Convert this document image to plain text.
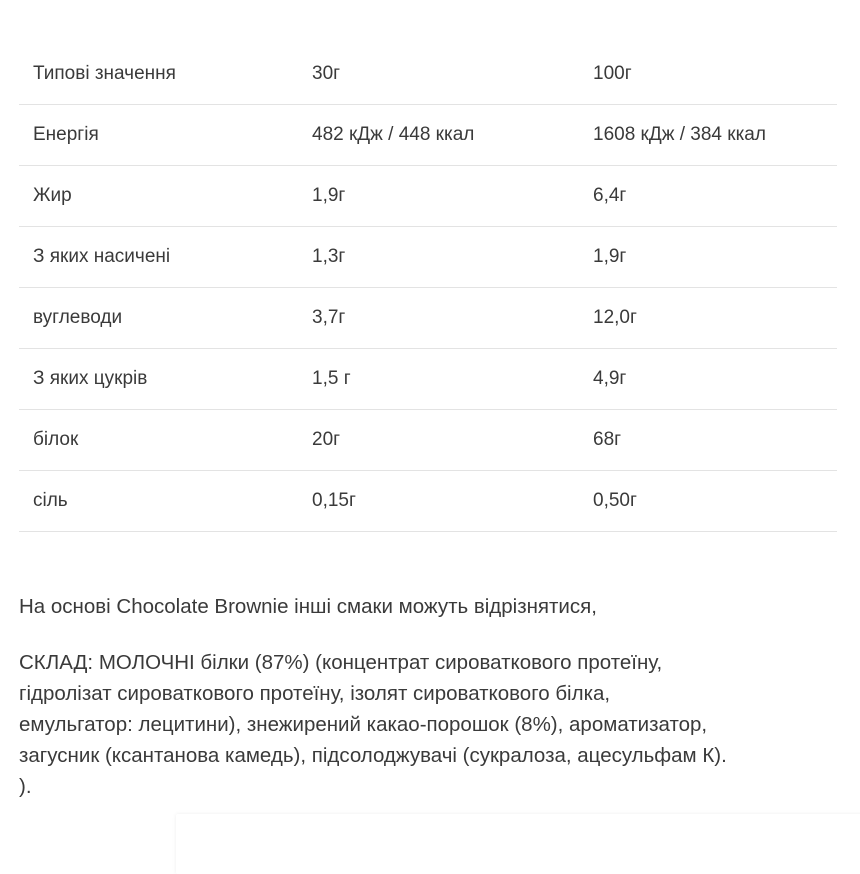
Типові значення	30г	100г
Енергія	482 кДж / 448 ккал	1608 кДж / 384 ккал
Жир	1,9г	6,4г
З яких насичені	1,3г	1,9г
вуглеводи	3,7г	12,0г
З яких цукрів	1,5 г	4,9г
білок	20г	68г
сіль	0,15г	0,50г

На основі Chocolate Brownie інші смаки можуть відрізнятися,

СКЛАД: МОЛОЧНІ білки (87%) (концентрат сироваткового протеїну,
гідролізат сироваткового протеїну, ізолят сироваткового білка,
емульгатор: лецитини), знежирений какао-порошок (8%), ароматизатор,
загусник (ксантанова камедь), підсолоджувачі (сукралоза, ацесульфам К).
).
